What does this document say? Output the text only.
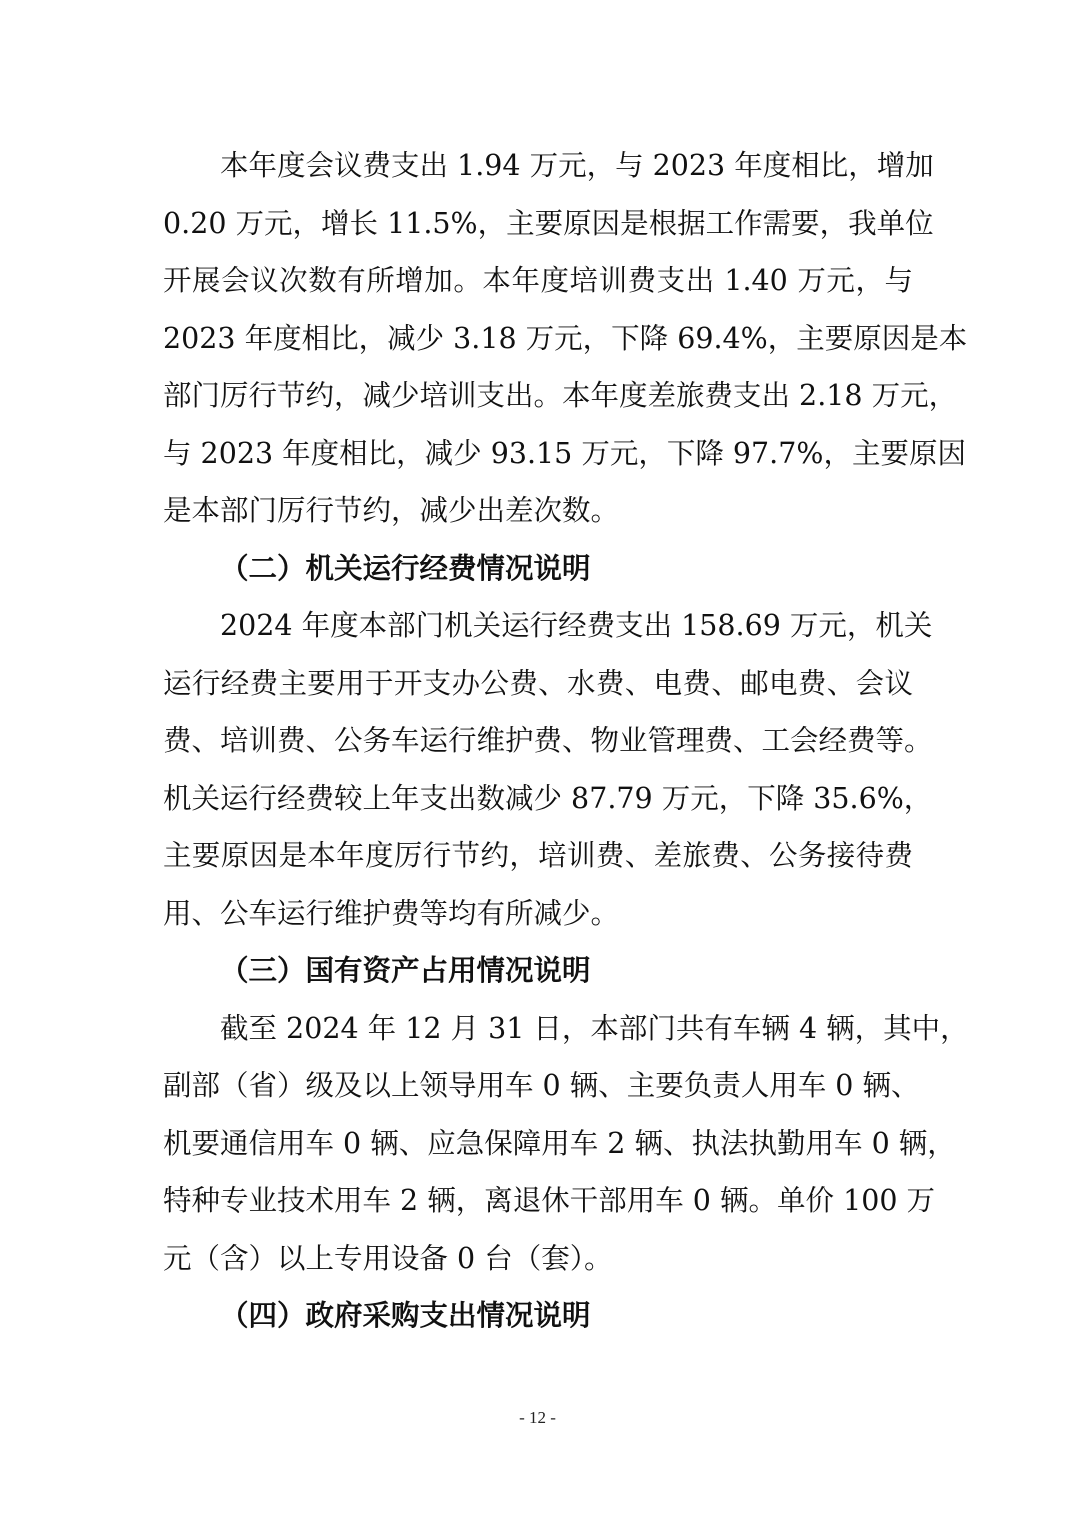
本年度会议费支出 1.94 万元，与 2023 年度相比，增加
0.20 万元，增长 11.5%，主要原因是根据工作需要，我单位
开展会议次数有所增加。本年度培训费支出 1.40 万元，与
2023 年度相比，减少 3.18 万元，下降 69.4%，主要原因是本
部门厉行节约，减少培训支出。本年度差旅费支出 2.18 万元，
与 2023 年度相比，减少 93.15 万元，下降 97.7%，主要原因
是本部门厉行节约，减少出差次数。
（二）机关运行经费情况说明
2024 年度本部门机关运行经费支出 158.69 万元，机关
运行经费主要用于开支办公费、水费、电费、邮电费、会议
费、培训费、公务车运行维护费、物业管理费、工会经费等。
机关运行经费较上年支出数减少 87.79 万元，下降 35.6%，
主要原因是本年度厉行节约，培训费、差旅费、公务接待费
用、公车运行维护费等均有所减少。
（三）国有资产占用情况说明
截至 2024 年 12 月 31 日，本部门共有车辆 4 辆，其中，
副部（省）级及以上领导用车 0 辆、主要负责人用车 0 辆、
机要通信用车 0 辆、应急保障用车 2 辆、执法执勤用车 0 辆，
特种专业技术用车 2 辆，离退休干部用车 0 辆。单价 100 万
元（含）以上专用设备 0 台（套）。
（四）政府采购支出情况说明
- 12 -
